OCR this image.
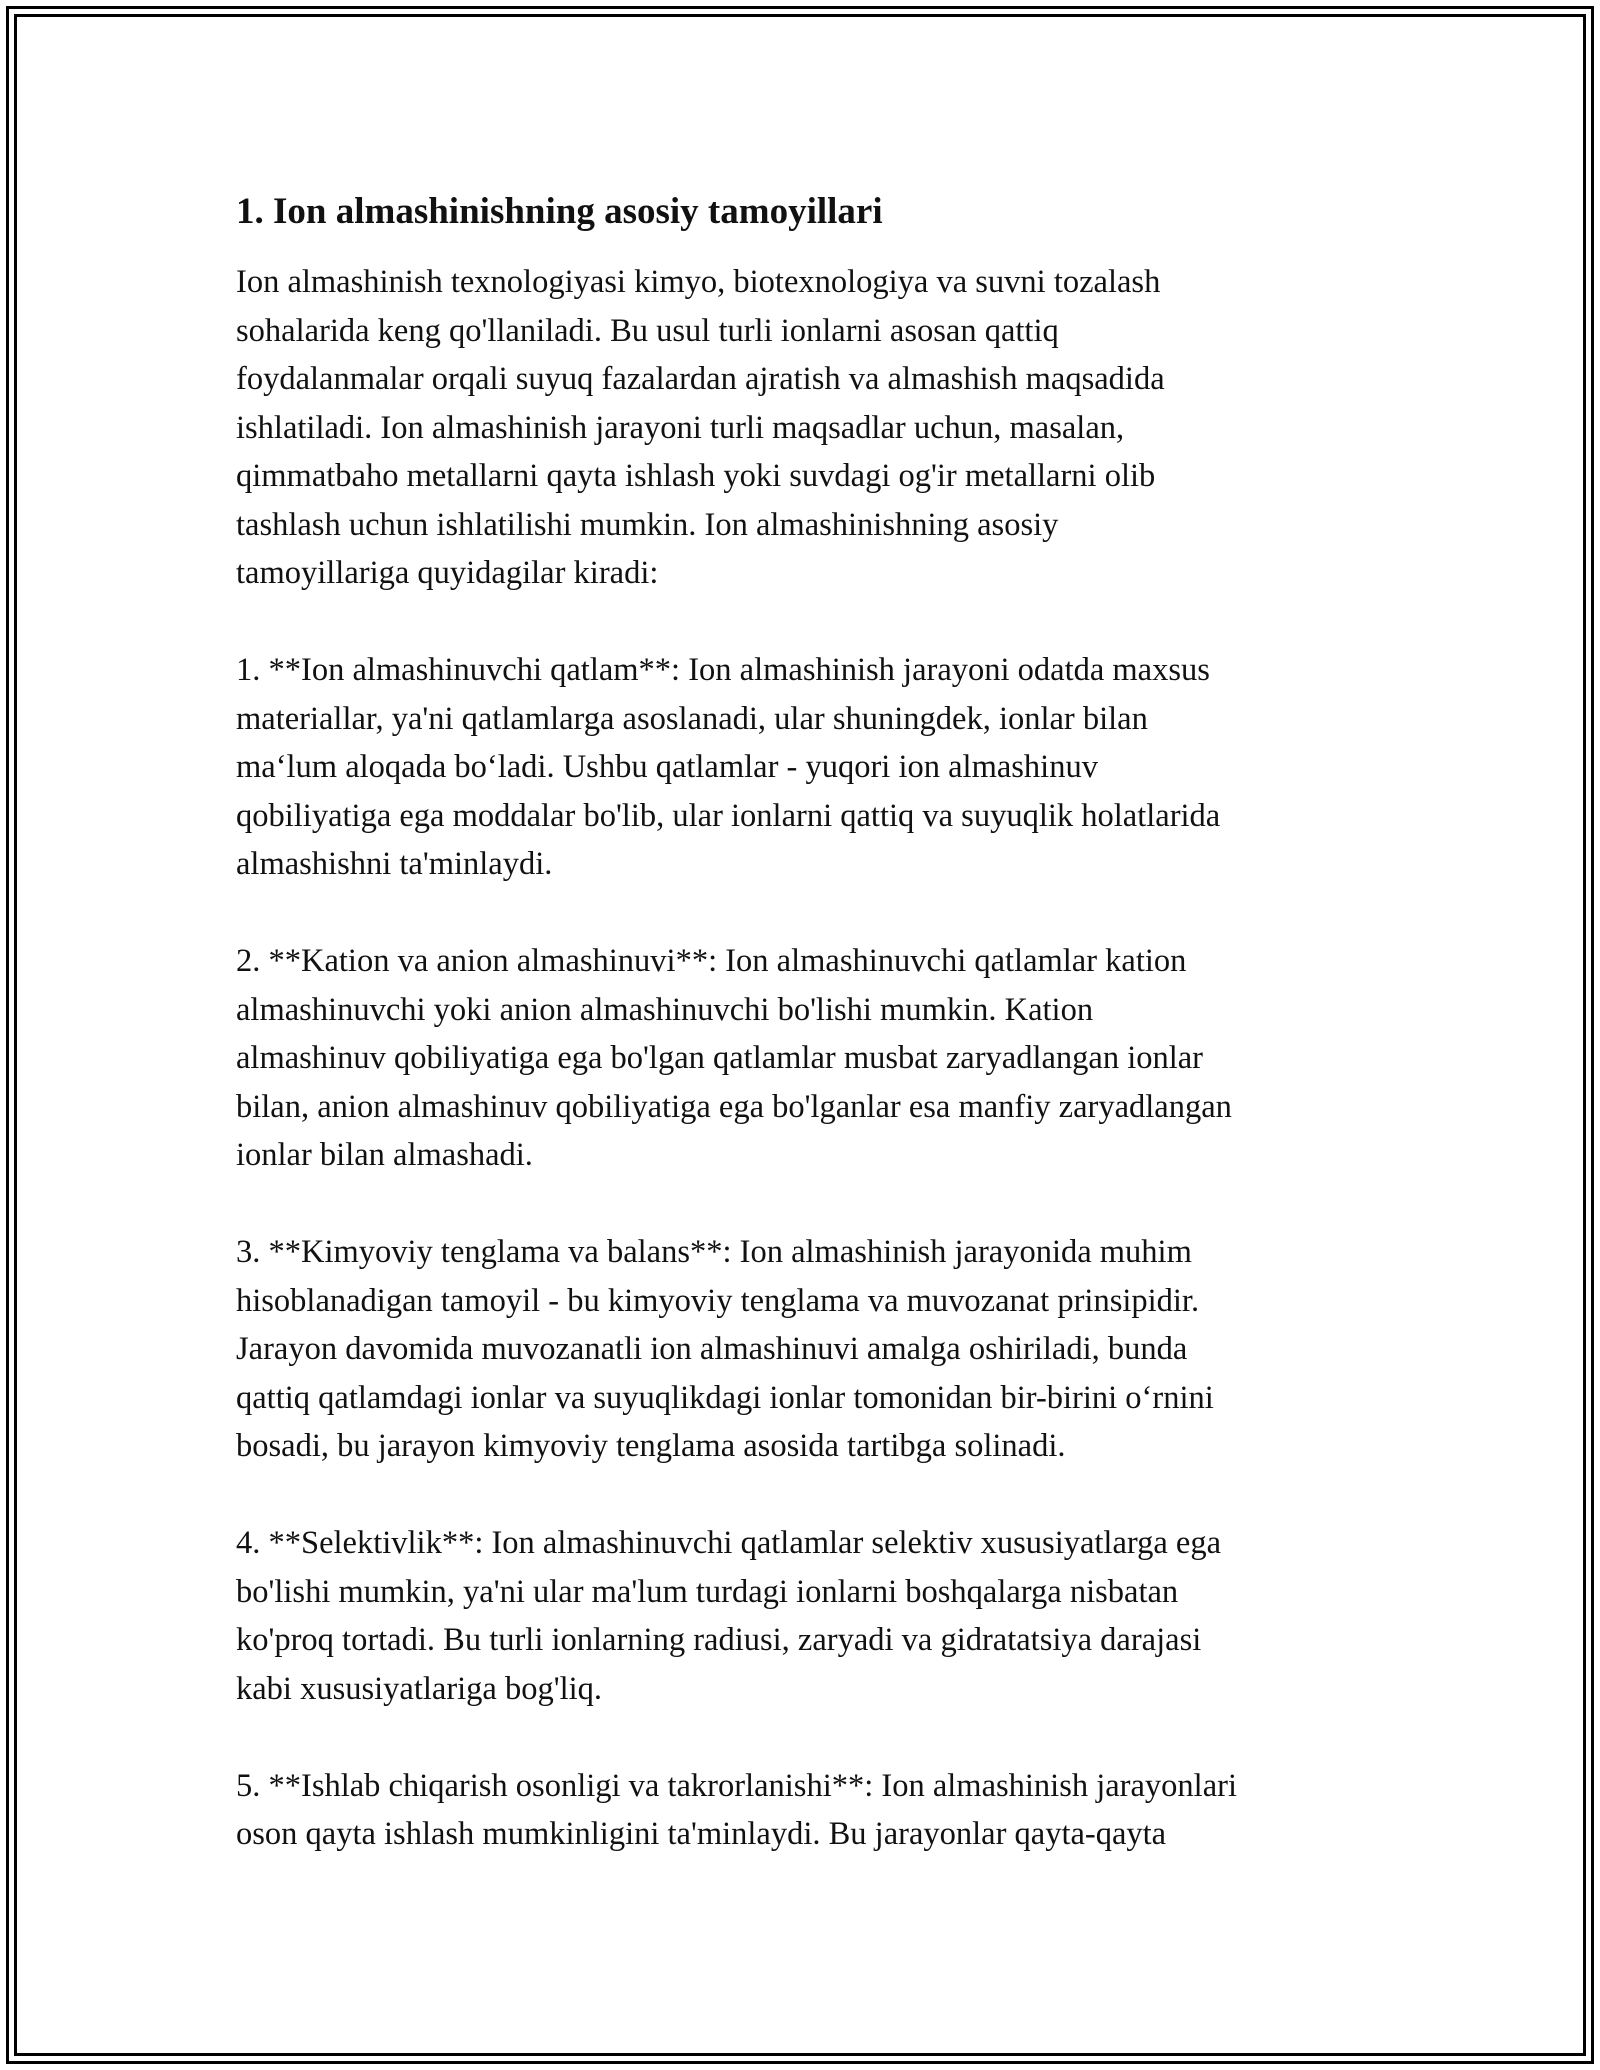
1. Ion almashinishning asosiy tamoyillari

Ion almashinish texnologiyasi kimyo, biotexnologiya va suvni tozalash
sohalarida keng qo'llaniladi. Bu usul turli ionlarni asosan qattiq
foydalanmalar orqali suyuq fazalardan ajratish va almashish maqsadida
ishlatiladi. Ion almashinish jarayoni turli maqsadlar uchun, masalan,
qimmatbaho metallarni qayta ishlash yoki suvdagi og'ir metallarni olib
tashlash uchun ishlatilishi mumkin. Ion almashinishning asosiy
tamoyillariga quyidagilar kiradi:

1. **Ion almashinuvchi qatlam**: Ion almashinish jarayoni odatda maxsus
materiallar, ya'ni qatlamlarga asoslanadi, ular shuningdek, ionlar bilan
maʻlum aloqada boʻladi. Ushbu qatlamlar - yuqori ion almashinuv
qobiliyatiga ega moddalar bo'lib, ular ionlarni qattiq va suyuqlik holatlarida
almashishni ta'minlaydi.

2. **Kation va anion almashinuvi**: Ion almashinuvchi qatlamlar kation
almashinuvchi yoki anion almashinuvchi bo'lishi mumkin. Kation
almashinuv qobiliyatiga ega bo'lgan qatlamlar musbat zaryadlangan ionlar
bilan, anion almashinuv qobiliyatiga ega bo'lganlar esa manfiy zaryadlangan
ionlar bilan almashadi.

3. **Kimyoviy tenglama va balans**: Ion almashinish jarayonida muhim
hisoblanadigan tamoyil - bu kimyoviy tenglama va muvozanat prinsipidir.
Jarayon davomida muvozanatli ion almashinuvi amalga oshiriladi, bunda
qattiq qatlamdagi ionlar va suyuqlikdagi ionlar tomonidan bir-birini oʻrnini
bosadi, bu jarayon kimyoviy tenglama asosida tartibga solinadi.

4. **Selektivlik**: Ion almashinuvchi qatlamlar selektiv xususiyatlarga ega
bo'lishi mumkin, ya'ni ular ma'lum turdagi ionlarni boshqalarga nisbatan
ko'proq tortadi. Bu turli ionlarning radiusi, zaryadi va gidratatsiya darajasi
kabi xususiyatlariga bog'liq.

5. **Ishlab chiqarish osonligi va takrorlanishi**: Ion almashinish jarayonlari
oson qayta ishlash mumkinligini ta'minlaydi. Bu jarayonlar qayta-qayta
